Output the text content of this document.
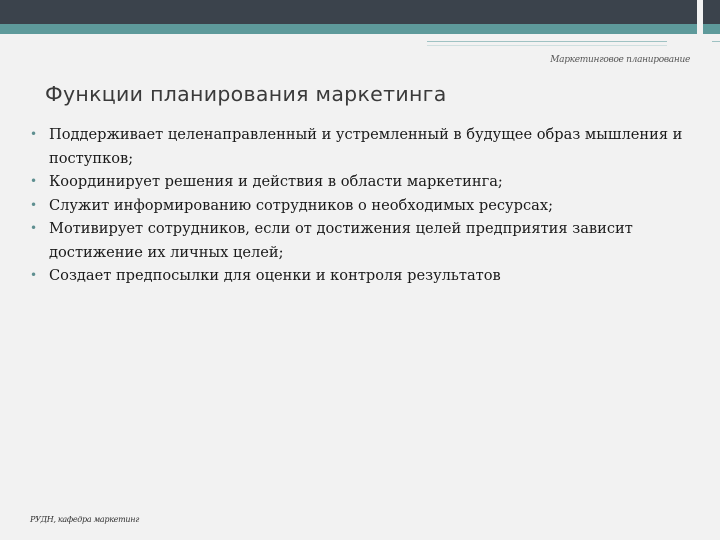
Маркетинговое планирование
Функции планирования маркетинга
• Поддерживает целенаправленный и устремленный в будущее образ мышления и поступков;
• Координирует решения и действия в области маркетинга;
• Служит информированию сотрудников о необходимых ресурсах;
• Мотивирует сотрудников, если от достижения целей предприятия зависит достижение их личных целей;
• Создает предпосылки для оценки и контроля результатов
РУДН, кафедра маркетинг
